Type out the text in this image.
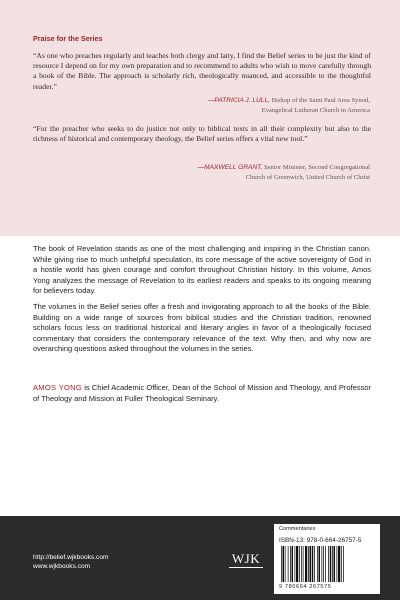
Praise for the Series
“As one who preaches regularly and teaches both clergy and laity, I find the Belief series to be just the kind of resource I depend on for my own preparation and to recommend to adults who wish to move carefully through a book of the Bible. The approach is scholarly rich, theologically nuanced, and accessible to the thoughtful reader.”
—PATRICIA J. LULL, Bishop of the Saint Paul Area Synod,
Evangelical Lutheran Church in America
“For the preacher who seeks to do justice not only to biblical texts in all their complexity but also to the richness of historical and contemporary theology, the Belief series offers a vital new tool.”
—MAXWELL GRANT, Senior Minister, Second Congregational
Church of Greenwich, United Church of Christ

The book of Revelation stands as one of the most challenging and inspiring in the Christian canon. While giving rise to much unhelpful speculation, its core message of the active sovereignty of God in a hostile world has given courage and comfort throughout Christian history. In this volume, Amos Yong analyzes the message of Revelation to its earliest readers and speaks to its ongoing meaning for believers today.

The volumes in the Belief series offer a fresh and invigorating approach to all the books of the Bible. Building on a wide range of sources from biblical studies and the Christian tradition, renowned scholars focus less on traditional historical and literary angles in favor of a theologically focused commentary that considers the contemporary relevance of the text. Why then, and why now are overarching questions asked throughout the volumes in the series.

AMOS YONG is Chief Academic Officer, Dean of the School of Mission and Theology, and Professor of Theology and Mission at Fuller Theological Seminary.

http://belief.wjkbooks.com
www.wjkbooks.com
WJK
Commentaries
ISBN-13: 978-0-664-26757-5
9 780664 267575
